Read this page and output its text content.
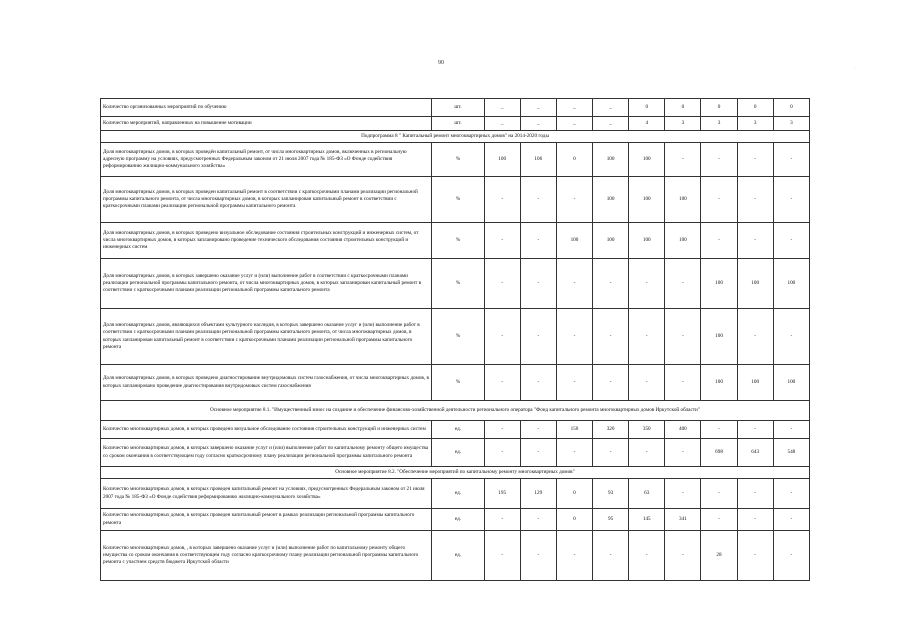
90
·
Количество организованных мероприятий по обучению	шт.	_	_	_	_	0	0	0	0	0
Количество мероприятий, направленных на повышение мотивации	шт.	_	_	_	_	4	3	3	3	3
Подпрограмма 8 " Капитальный ремонт многоквартирных домов" на 2014-2020 годы										
Доля многоквартирных домов, в которых проведён капитальный ремонт, от числа многоквартирных домов, включенных в региональную адресную программу на условиях, предусмотренных Федеральным законом от 21 июля 2007 года № 185-ФЗ «О Фонде содействия реформированию жилищно-коммунального хозяйства»	%	100	106	0	100	100	-	-	-	-
Доля многоквартирных домов, в которых проведен капитальный ремонт в соответствии с краткосрочными планами реализации региональной программы капитального ремонта, от числа многоквартирных домов, в которых запланирован капитальный ремонт в соответствии с краткосрочными планами реализации региональной программы капитального ремонта	%	-	-	-	100	100	100	-	-	-
Доля многоквартирных домов, в которых проведено визуальное обследование состояния строительных конструкций и инженерных систем, от числа многоквартирных домов, в которых запланировано проведение технического обследования состояния строительных конструкций и инженерных систем	%	-	-	100	100	100	100	-	-	-
Доля многоквартирных домов, в которых завершено оказание услуг и (или) выполнение работ в соответствии с краткосрочными планами реализации региональной программы капитального ремонта, от числа многоквартирных домов, в которых запланирован капитальный ремонт в соответствии с краткосрочными планами реализации региональной программы капитального ремонта	%	-	-	-	-	-	-	100	100	100
Доля многоквартирных домов, являющихся объектами культурного наследия, в которых завершено оказание услуг и (или) выполнение работ в соответствии с краткосрочными планами реализации региональной программы капитального ремонта, от числа многоквартирных домов, в которых запланирован капитальный ремонт в соответствии с краткосрочными планами реализации региональной программы капитального ремонта	%	-	-	-	-	-	-	100	-	-
Доля многоквартирных домов, в которых проведено диагностирование внутридомовых систем газоснабжения, от числа многоквартирных домов, в которых запланировано проведение диагностирования внутридомовых систем газоснабжения	%	-	-	-	-	-	-	100	100	100
Основное мероприятие 8.1. "Имущественный взнос на создание и обеспечение финансово-хозяйственной деятельности регионального оператора "Фонд капитального ремонта многоквартирных домов Иркутской области"										
Количество многоквартирных домов, в которых проведено визуальное обследование состояния строительных конструкций и инженерных систем	ед.	-	-	150	320	350	400	-	-	-
Количество многоквартирных домов, в которых завершено оказание услуг и (или) выполнение работ по капитальному ремонту общего имущества со сроком окончания в соответствующем году согласно краткосрочному плану реализации региональной программы капитального ремонта	ед.	-	-	-	-	-	-	698	643	548
Основное мероприятие 8.2. "Обеспечение мероприятий по капитальному ремонту многоквартирных домов"										
Количество многоквартирных домов, в которых проведен капитальный ремонт на условиях, предусмотренных Федеральным законом от 21 июля 2007 года № 185-ФЗ «О Фонде содействия реформированию жилищно-коммунального хозяйства»	ед.	195	129	0	93	63	-	-	-	-
Количество многоквартирных домов, в которых проведен капитальный ремонт в рамках реализации региональной программы капитального ремонта	ед.	-	-	0	95	145	341	-	-	-
Количество многоквартирных домов, , в которых завершено оказание услуг и (или) выполнение работ по капитальному ремонту общего имущества со сроком окончания в соответствующем году согласно краткосрочному плану реализации региональной программы капитального ремонта с участием средств бюджета Иркутской области	ед.	-	-	-	-	-	-	28	-	-
